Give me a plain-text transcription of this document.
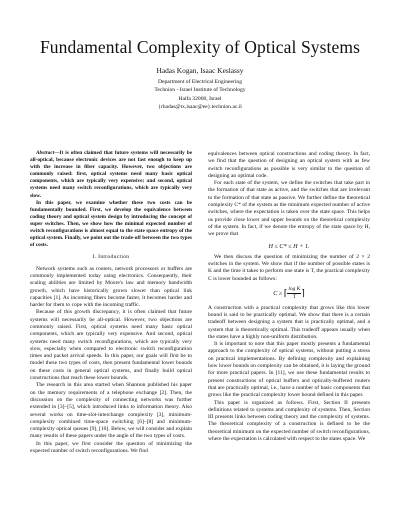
Fundamental Complexity of Optical Systems
Hadas Kogan, Isaac Keslassy
Department of Electrical Engineering
Technion - Israel Institute of Technology
Haifa 32000, Israel
{rhadas@tx,isaac@ee}.technion.ac.il

Abstract—It is often claimed that future systems will necessarily be all-optical, because electronic devices are not fast enough to keep up with the increase in fiber capacity. However, two objections are commonly raised: first, optical systems need many basic optical components, which are typically very expensive; and second, optical systems need many switch reconfigurations, which are typically very slow.

In this paper, we examine whether these two costs can be fundamentally bounded. First, we develop the equivalence between coding theory and optical system design by introducing the concept of super switches. Then, we show how the minimal expected number of switch reconfigurations is almost equal to the state space entropy of the optical system. Finally, we point out the trade-off between the two types of costs.

I. Introduction

Network systems such as routers, network processors or buffers are commonly implemented today using electronics. Consequently, their scaling abilities are limited by Moore's law and memory bandwidth growth, which have historically grown slower than optical link capacities [1]. As incoming fibers become faster, it becomes harder and harder for them to cope with the incoming traffic.

Because of this growth discrepancy, it is often claimed that future systems will necessarily be all-optical. However, two objections are commonly raised. First, optical systems need many basic optical components, which are typically very expensive. And second, optical systems need many switch reconfigurations, which are typically very slow, especially when compared to electronic switch reconfiguration times and packet arrival speeds. In this paper, our goals will first be to model these two types of costs, then present fundamental lower bounds on these costs in general optical systems, and finally build optical constructions that reach these lower bounds.

The research in this area started when Shannon published his paper on the memory requirements of a telephone exchange [2]. Then, the discussion on the complexity of connecting networks was further extended in [3]–[5], which introduced links to information theory. Also several works on time-slot-interchange complexity [3], minimum-complexity combined time-space switching [6]–[8] and minimum-complexity optical queues [9], [10]. Below, we will consider and explain many results of these papers under the angle of the two types of costs.

In this paper, we first consider the question of minimizing the expected number of switch reconfigurations. We find

equivalences between optical constructions and coding theory. In fact, we find that the question of designing an optical system with as few switch reconfigurations as possible is very similar to the question of designing an optimal code.

For each state of the system, we define the switches that take part in the formation of that state as active, and the switches that are irrelevant to the formation of that state as passive. We further define the theoretical complexity C* of the system as the minimum expected number of active switches, where the expectation is taken over the state space. This helps us provide close lower and upper bounds on the theoretical complexity of the system. In fact, if we denote the entropy of the state space by H, we prove that

H ≤ C* ≤ H + 1.

We then discuss the question of minimizing the number of 2 × 2 switches in the system. We show that if the number of possible states is K and the time it takes to perform one state is T, the practical complexity C is lower bounded as follows:

C ≥ ⌈ $\frac{\text{log K}}{T}$ ⌉

A construction with a practical complexity that grows like this lower bound is said to be practically optimal. We show that there is a certain tradeoff between designing a system that is practically optimal, and a system that is theoretically optimal. This tradeoff appears usually when the states have a highly non-uniform distribution.

It is important to note that this paper mostly presents a fundamental approach to the complexity of optical systems, without putting a stress on practical implementations. By defining complexity and explaining how lower bounds on complexity can be obtained, it is laying the ground for more practical papers. In [11], we use these fundamental results to present constructions of optical buffers and optically-buffered routers that are practically optimal, i.e., have a number of basic components that grows like the practical complexity lower bound defined in this paper.

This paper is organized as follows. First, Section II presents definitions related to systems and complexity of systems. Then, Section III presents links between coding theory and the complexity of systems. The theoretical complexity of a construction is defined to be the theoretical minimum on the expected number of switch reconfigurations, where the expectation is calculated with respect to the states space. We
